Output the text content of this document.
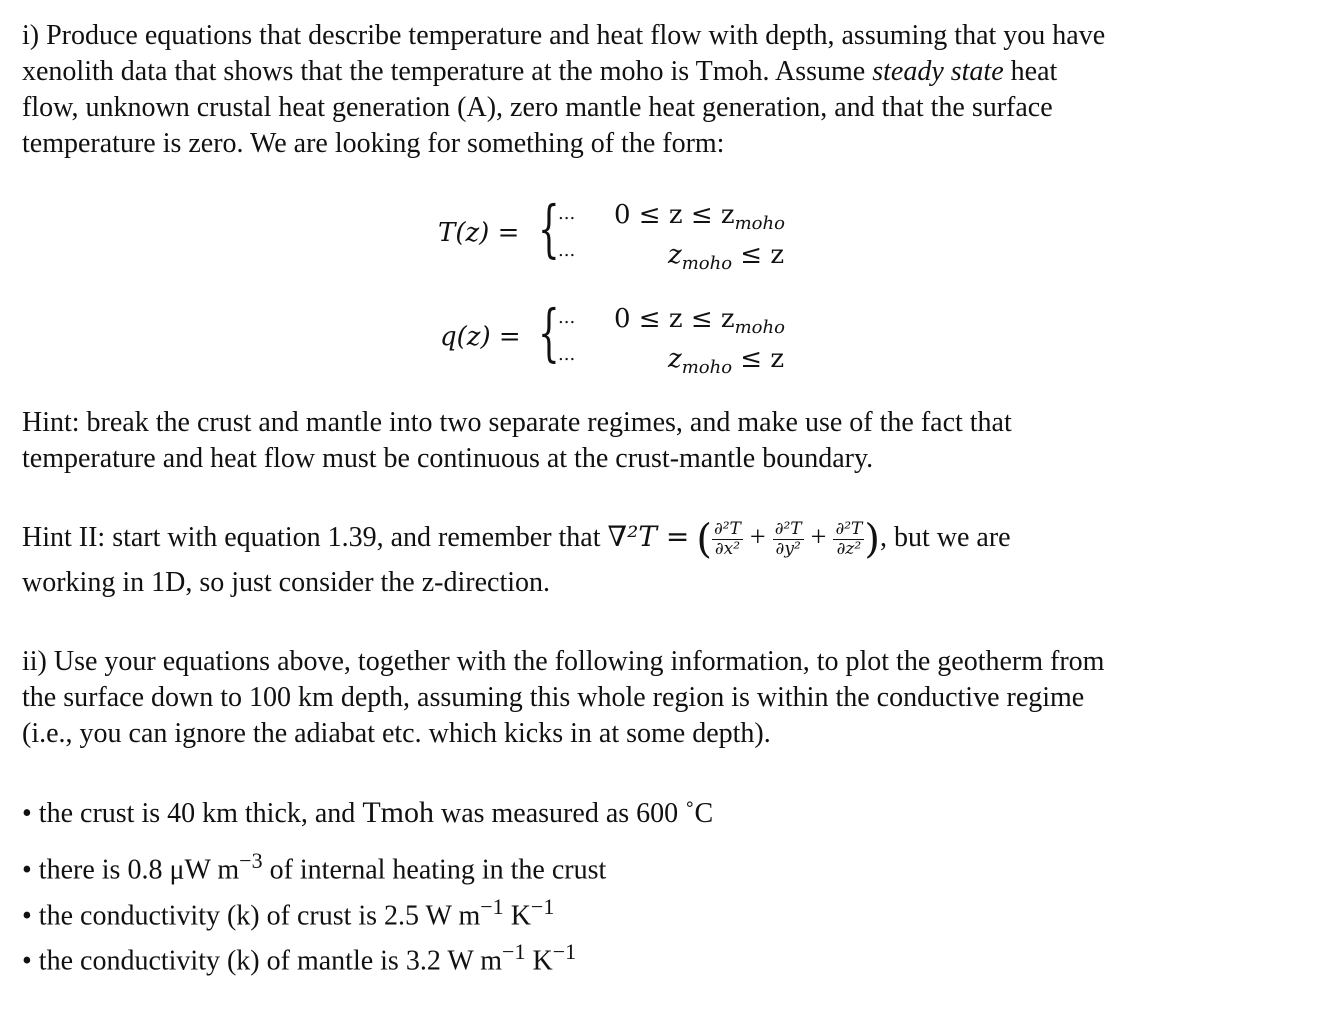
i) Produce equations that describe temperature and heat flow with depth, assuming that you have
xenolith data that shows that the temperature at the moho is Tmoh. Assume steady state heat
flow, unknown crustal heat generation (A), zero mantle heat generation, and that the surface
temperature is zero. We are looking for something of the form:
T(z) = {
...
...
$0 \le z \le z_{moho}$
$z_{moho} \le z$
q(z) = {
...
...
$0 \le z \le z_{moho}$
$z_{moho} \le z$
Hint: break the crust and mantle into two separate regimes, and make use of the fact that
temperature and heat flow must be continuous at the crust-mantle boundary.
Hint II: start with equation 1.39, and remember that ∇²T = ( $\frac{\text{∂²T}}{\text{∂x²}} + \frac{\text{∂²T}}{\text{∂y²}} + \frac{\text{∂²T}}{\text{∂z²}}$ ), but we are
working in 1D, so just consider the z-direction.
ii) Use your equations above, together with the following information, to plot the geotherm from
the surface down to 100 km depth, assuming this whole region is within the conductive regime
(i.e., you can ignore the adiabat etc. which kicks in at some depth).
• the crust is 40 km thick, and Tmoh was measured as 600 ˚C
• there is 0.8 μW $m^{-3}$ of internal heating in the crust
• the conductivity (k) of crust is 2.5 W $m^{-1}$ $K^{-1}$
• the conductivity (k) of mantle is 3.2 W $m^{-1}$ $K^{-1}$
